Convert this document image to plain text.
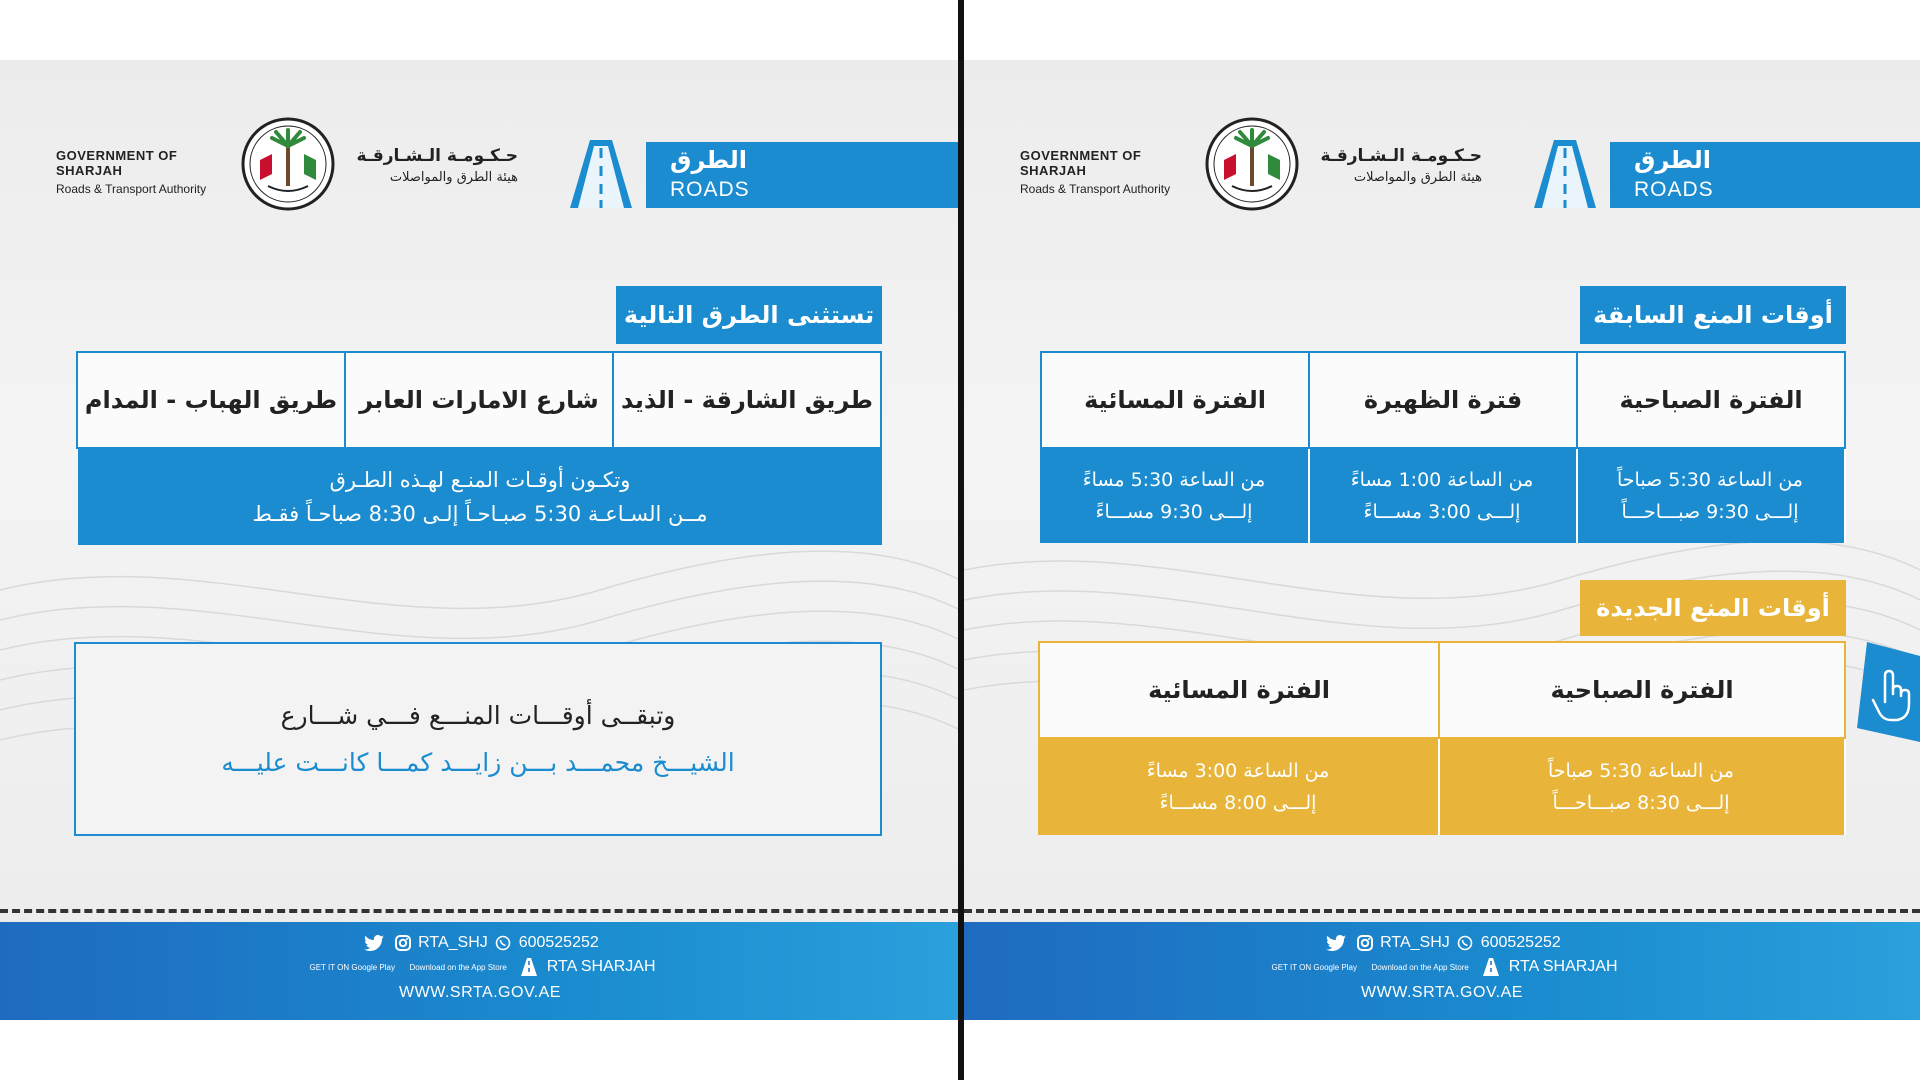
GOVERNMENT OF SHARJAH
Roads & Transport Authority
حـكـومـة الـشـارقـة
هيئة الطرق والمواصلات
الطرق
ROADS
تستثنى الطرق التالية
طريق الشارقة - الذيد
شارع الامارات العابر
طريق الهباب - المدام
وتكـون أوقـات المنـع لهـذه الطـرق
مــن السـاعـة 5:30 صبـاحـاً إلـى 8:30 صباحـاً فقـط
وتبقــى أوقـــات المنـــع فـــي شـــارع
الشيـــخ محمـــد بـــن زايـــد كمـــا كانـــت عليـــه
RTA_SHJ 600525252
GET IT ON Google Play Download on the App Store RTA SHARJAH
WWW.SRTA.GOV.AE
GOVERNMENT OF SHARJAH
Roads & Transport Authority
حـكـومـة الـشـارقـة
هيئة الطرق والمواصلات
الطرق
ROADS
أوقات المنع السابقة
الفترة الصباحية
فترة الظهيرة
الفترة المسائية
من الساعة 5:30 صباحاً
إلـــى 9:30 صبـــاحـــاً
من الساعة 1:00 مساءً
إلـــى 3:00 مســـاءً
من الساعة 5:30 مساءً
إلـــى 9:30 مســـاءً
أوقات المنع الجديدة
الفترة الصباحية
الفترة المسائية
من الساعة 5:30 صباحاً
إلـــى 8:30 صبـــاحـــاً
من الساعة 3:00 مساءً
إلـــى 8:00 مســـاءً
RTA_SHJ 600525252
GET IT ON Google Play Download on the App Store RTA SHARJAH
WWW.SRTA.GOV.AE
